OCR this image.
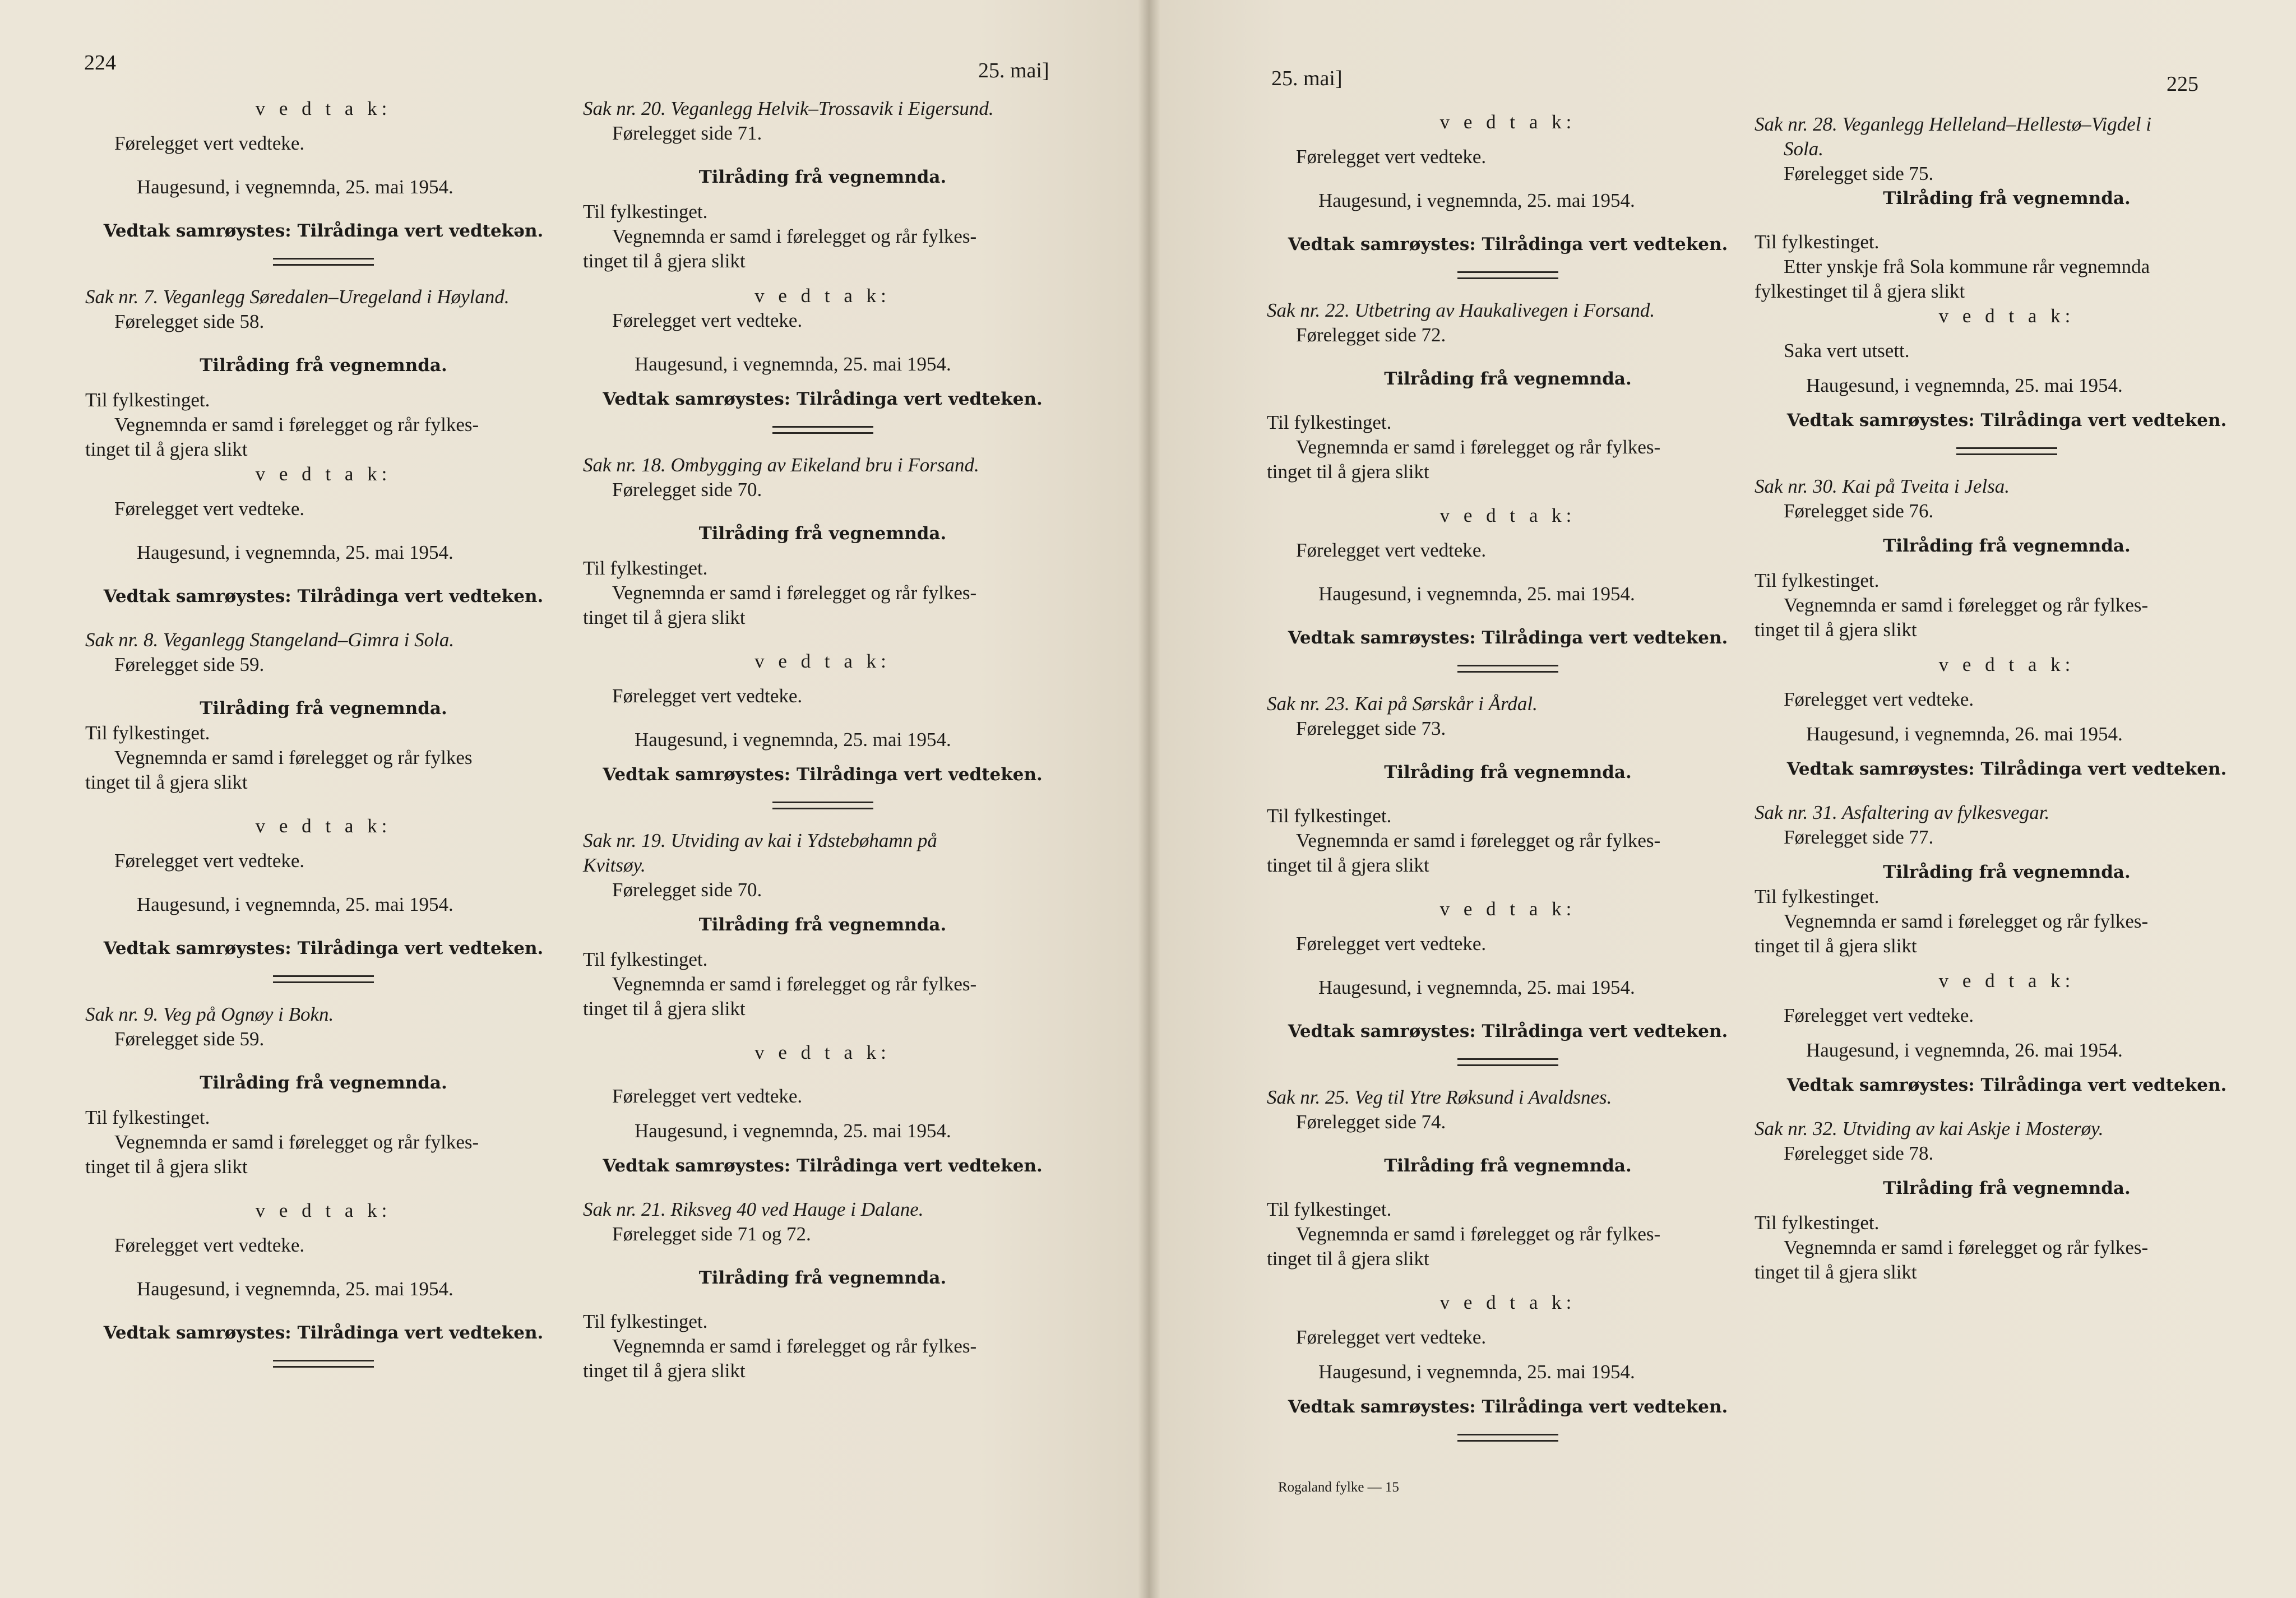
224	25. mai]
v e d t a k:
Førelegget vert vedteke.
Haugesund, i vegnemnda, 25. mai 1954.
Vedtak samrøystes: Tilrådinga vert vedtekən.
Sak nr. 7. Veganlegg Søredalen–Uregeland i Høyland.
Førelegget side 58.
Tilråding frå vegnemnda.
Til fylkestinget.
Vegnemnda er samd i førelegget og rår fylkes-
tinget til å gjera slikt
v e d t a k:
Førelegget vert vedteke.
Haugesund, i vegnemnda, 25. mai 1954.
Vedtak samrøystes: Tilrådinga vert vedteken.
Sak nr. 8. Veganlegg Stangeland–Gimra i Sola.
Førelegget side 59.
Tilråding frå vegnemnda.
Til fylkestinget.
Vegnemnda er samd i førelegget og rår fylkes
tinget til å gjera slikt
v e d t a k:
Førelegget vert vedteke.
Haugesund, i vegnemnda, 25. mai 1954.
Vedtak samrøystes: Tilrådinga vert vedteken.
Sak nr. 9. Veg på Ognøy i Bokn.
Førelegget side 59.
Tilråding frå vegnemnda.
Til fylkestinget.
Vegnemnda er samd i førelegget og rår fylkes-
tinget til å gjera slikt
v e d t a k:
Førelegget vert vedteke.
Haugesund, i vegnemnda, 25. mai 1954.
Vedtak samrøystes: Tilrådinga vert vedteken.
Sak nr. 20. Veganlegg Helvik–Trossavik i Eigersund.
Førelegget side 71.
Tilråding frå vegnemnda.
Til fylkestinget.
Vegnemnda er samd i førelegget og rår fylkes-
tinget til å gjera slikt
v e d t a k:
Førelegget vert vedteke.
Haugesund, i vegnemnda, 25. mai 1954.
Vedtak samrøystes: Tilrådinga vert vedteken.
Sak nr. 18. Ombygging av Eikeland bru i Forsand.
Førelegget side 70.
Tilråding frå vegnemnda.
Til fylkestinget.
Vegnemnda er samd i førelegget og rår fylkes-
tinget til å gjera slikt
v e d t a k:
Førelegget vert vedteke.
Haugesund, i vegnemnda, 25. mai 1954.
Vedtak samrøystes: Tilrådinga vert vedteken.
Sak nr. 19. Utviding av kai i Ydstebøhamn på
Kvitsøy.
Førelegget side 70.
Tilråding frå vegnemnda.
Til fylkestinget.
Vegnemnda er samd i førelegget og rår fylkes-
tinget til å gjera slikt
v e d t a k:
Førelegget vert vedteke.
Haugesund, i vegnemnda, 25. mai 1954.
Vedtak samrøystes: Tilrådinga vert vedteken.
Sak nr. 21. Riksveg 40 ved Hauge i Dalane.
Førelegget side 71 og 72.
Tilråding frå vegnemnda.
Til fylkestinget.
Vegnemnda er samd i førelegget og rår fylkes-
tinget til å gjera slikt
25. mai]	225
v e d t a k:
Førelegget vert vedteke.
Haugesund, i vegnemnda, 25. mai 1954.
Vedtak samrøystes: Tilrådinga vert vedteken.
Sak nr. 22. Utbetring av Haukalivegen i Forsand.
Førelegget side 72.
Tilråding frå vegnemnda.
Til fylkestinget.
Vegnemnda er samd i førelegget og rår fylkes-
tinget til å gjera slikt
v e d t a k:
Førelegget vert vedteke.
Haugesund, i vegnemnda, 25. mai 1954.
Vedtak samrøystes: Tilrådinga vert vedteken.
Sak nr. 23. Kai på Sørskår i Årdal.
Førelegget side 73.
Tilråding frå vegnemnda.
Til fylkestinget.
Vegnemnda er samd i førelegget og rår fylkes-
tinget til å gjera slikt
v e d t a k:
Førelegget vert vedteke.
Haugesund, i vegnemnda, 25. mai 1954.
Vedtak samrøystes: Tilrådinga vert vedteken.
Sak nr. 25. Veg til Ytre Røksund i Avaldsnes.
Førelegget side 74.
Tilråding frå vegnemnda.
Til fylkestinget.
Vegnemnda er samd i førelegget og rår fylkes-
tinget til å gjera slikt
v e d t a k:
Førelegget vert vedteke.
Haugesund, i vegnemnda, 25. mai 1954.
Vedtak samrøystes: Tilrådinga vert vedteken.
Rogaland fylke — 15
Sak nr. 28. Veganlegg Helleland–Hellestø–Vigdel i
Sola.
Førelegget side 75.
Tilråding frå vegnemnda.
Til fylkestinget.
Etter ynskje frå Sola kommune rår vegnemnda
fylkestinget til å gjera slikt
v e d t a k:
Saka vert utsett.
Haugesund, i vegnemnda, 25. mai 1954.
Vedtak samrøystes: Tilrådinga vert vedteken.
Sak nr. 30. Kai på Tveita i Jelsa.
Førelegget side 76.
Tilråding frå vegnemnda.
Til fylkestinget.
Vegnemnda er samd i førelegget og rår fylkes-
tinget til å gjera slikt
v e d t a k:
Førelegget vert vedteke.
Haugesund, i vegnemnda, 26. mai 1954.
Vedtak samrøystes: Tilrådinga vert vedteken.
Sak nr. 31. Asfaltering av fylkesvegar.
Førelegget side 77.
Tilråding frå vegnemnda.
Til fylkestinget.
Vegnemnda er samd i førelegget og rår fylkes-
tinget til å gjera slikt
v e d t a k:
Førelegget vert vedteke.
Haugesund, i vegnemnda, 26. mai 1954.
Vedtak samrøystes: Tilrådinga vert vedteken.
Sak nr. 32. Utviding av kai Askje i Mosterøy.
Førelegget side 78.
Tilråding frå vegnemnda.
Til fylkestinget.
Vegnemnda er samd i førelegget og rår fylkes-
tinget til å gjera slikt
